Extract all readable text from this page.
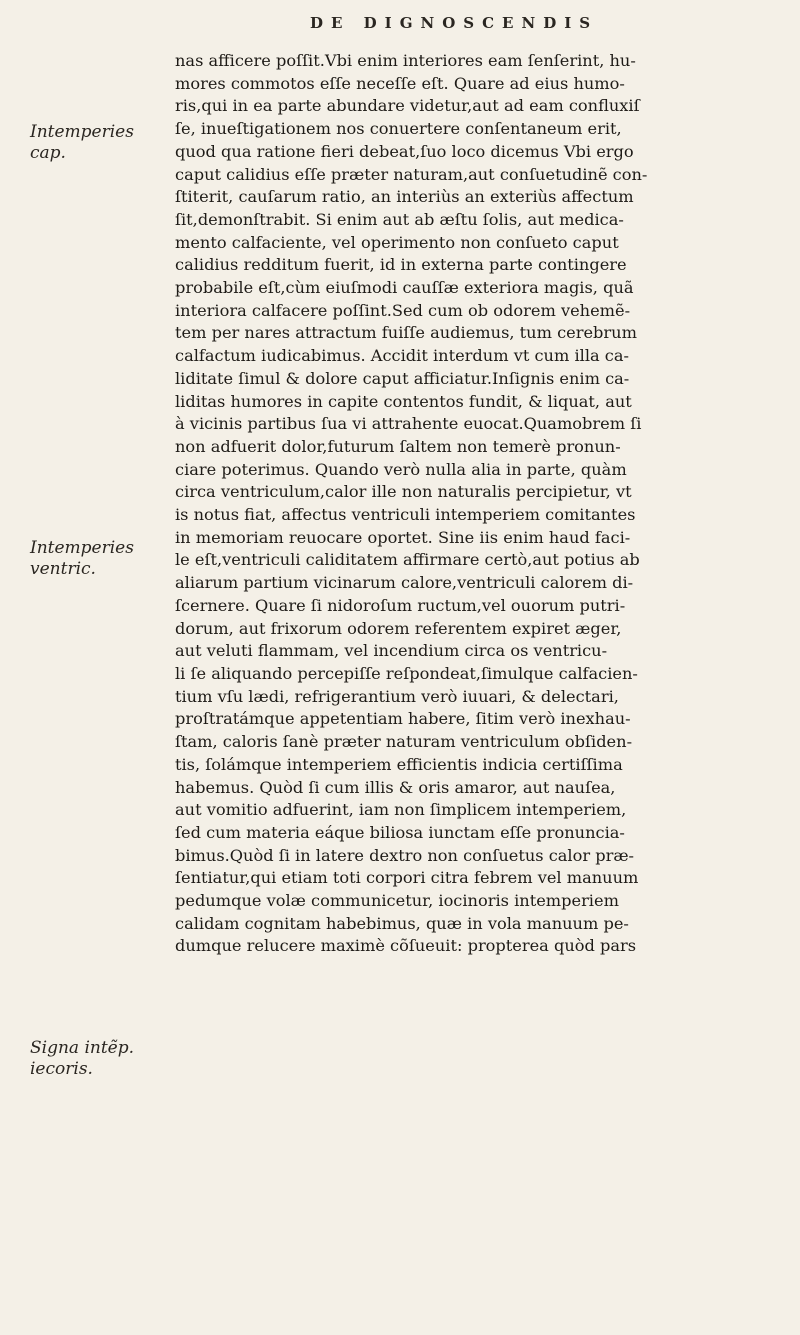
DE DIGNOSCENDIS
Intemperies cap.
Intemperies ventric.
Signa intẽp. iecoris.
nas afficere poſſit.Vbi enim interiores eam ſenſerint, hu-
mores commotos eſſe neceſſe eſt. Quare ad eius humo-
ris,qui in ea parte abundare videtur,aut ad eam confluxiſ
ſe, inueſtigationem nos conuertere conſentaneum erit,
quod qua ratione fieri debeat,ſuo loco dicemus Vbi ergo
caput calidius eſſe præter naturam,aut conſuetudinẽ con-
ſtiterit, cauſarum ratio, an interiùs an exteriùs affectum
ſit,demonſtrabit. Si enim aut ab æſtu ſolis, aut medica-
mento calfaciente, vel operimento non conſueto caput
calidius redditum fuerit, id in externa parte contingere
probabile eſt,cùm eiuſmodi cauſſæ exteriora magis, quã
interiora calfacere poſſint.Sed cum ob odorem vehemẽ-
tem per nares attractum fuiſſe audiemus, tum cerebrum
calfactum iudicabimus. Accidit interdum vt cum illa ca-
liditate ſimul & dolore caput afficiatur.Inſignis enim ca-
liditas humores in capite contentos fundit, & liquat, aut
à vicinis partibus ſua vi attrahente euocat.Quamobrem ſi
non adfuerit dolor,futurum ſaltem non temerè pronun-
ciare poterimus. Quando verò nulla alia in parte, quàm
circa ventriculum,calor ille non naturalis percipietur, vt
is notus fiat, affectus ventriculi intemperiem comitantes
in memoriam reuocare oportet. Sine iis enim haud faci-
le eſt,ventriculi caliditatem affirmare certò,aut potius ab
aliarum partium vicinarum calore,ventriculi calorem di-
ſcernere. Quare ſi nidoroſum ructum,vel ouorum putri-
dorum, aut frixorum odorem referentem expiret æger,
aut veluti flammam, vel incendium circa os ventricu-
li ſe aliquando percepiſſe reſpondeat,ſimulque calfacien-
tium vſu lædi, refrigerantium verò iuuari, & delectari,
proſtratámque appetentiam habere, ſitim verò inexhau-
ſtam, caloris ſanè præter naturam ventriculum obſiden-
tis, ſolámque intemperiem efficientis indicia certiſſima
habemus. Quòd ſi cum illis & oris amaror, aut nauſea,
aut vomitio adfuerint, iam non ſimplicem intemperiem,
ſed cum materia eáque biliosa iunctam eſſe pronuncia-
bimus.Quòd ſi in latere dextro non conſuetus calor præ-
ſentiatur,qui etiam toti corpori citra febrem vel manuum
pedumque volæ communicetur, iocinoris intemperiem
calidam cognitam habebimus, quæ in vola manuum pe-
dumque relucere maximè cõſueuit: propterea quòd pars
